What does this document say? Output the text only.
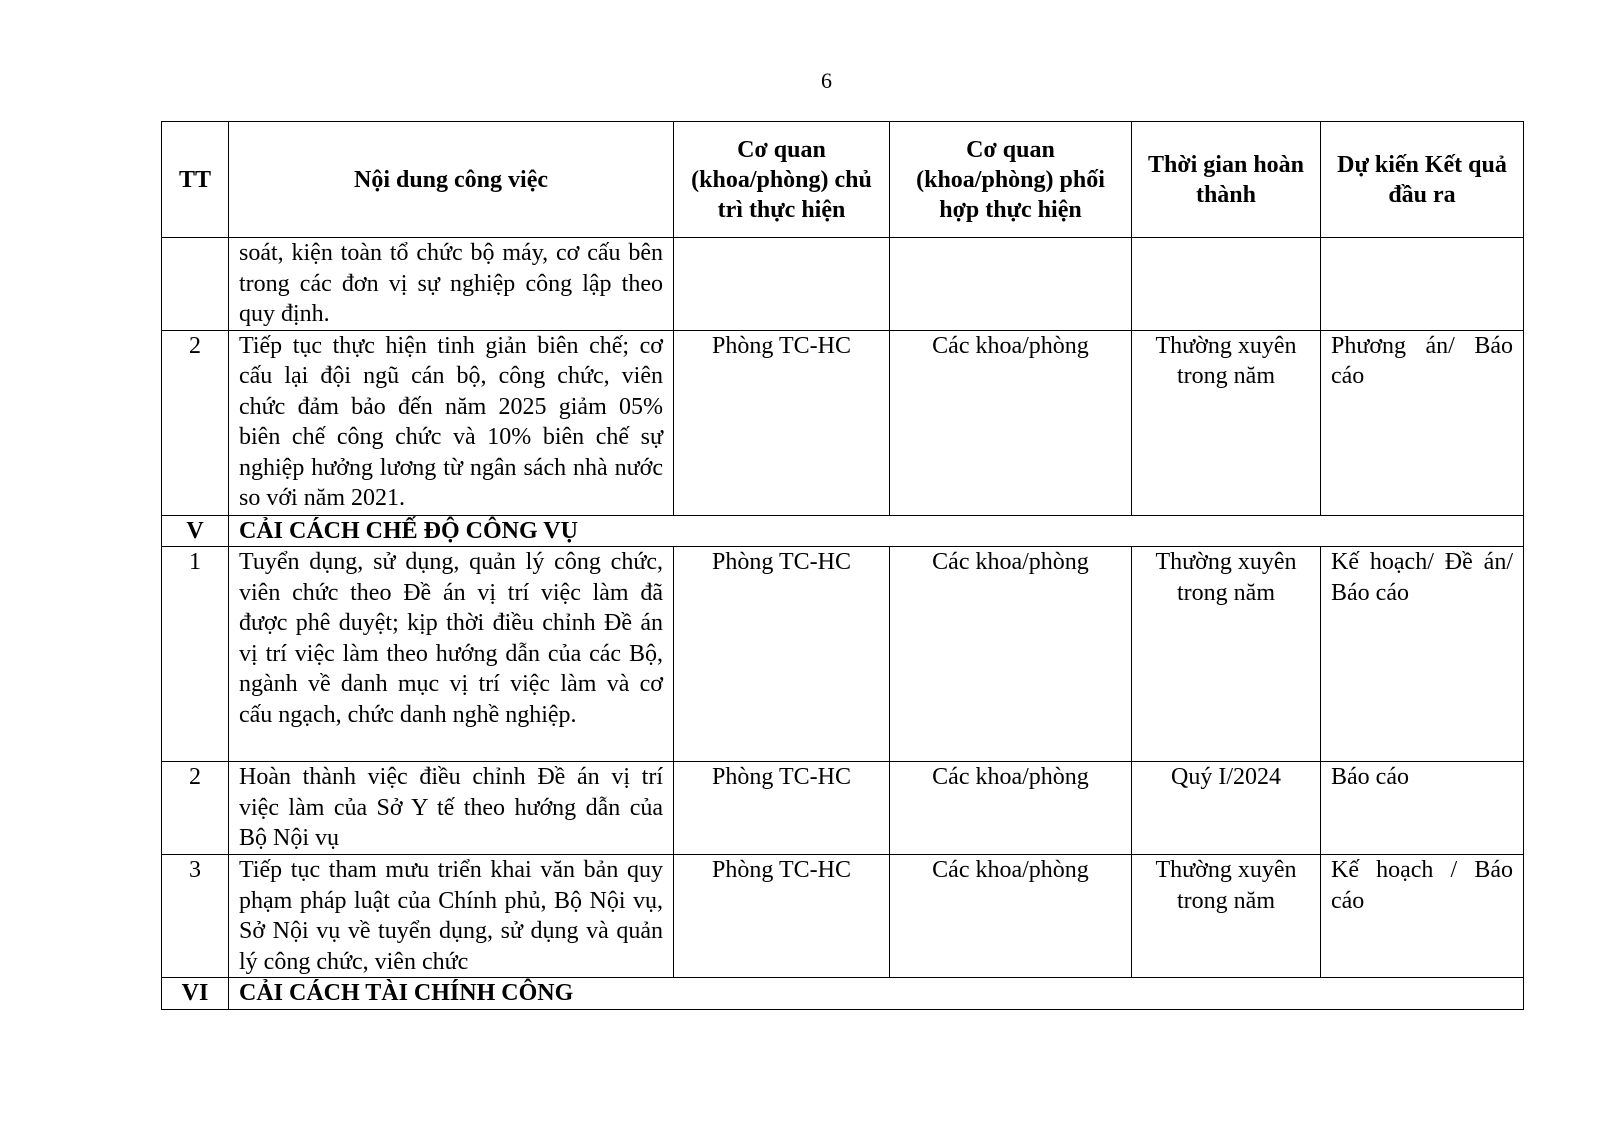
6
TT	Nội dung công việc	Cơ quan (khoa/phòng) chủ trì thực hiện	Cơ quan (khoa/phòng) phối hợp thực hiện	Thời gian hoàn thành	Dự kiến Kết quả đầu ra
	soát, kiện toàn tổ chức bộ máy, cơ cấu bên trong các đơn vị sự nghiệp công lập theo quy định.				
2	Tiếp tục thực hiện tinh giản biên chế; cơ cấu lại đội ngũ cán bộ, công chức, viên chức đảm bảo đến năm 2025 giảm 05% biên chế công chức và 10% biên chế sự nghiệp hưởng lương từ ngân sách nhà nước so với năm 2021.	Phòng TC-HC	Các khoa/phòng	Thường xuyên trong năm	Phương án/ Báo cáo
V	CẢI CÁCH CHẾ ĐỘ CÔNG VỤ				
1	Tuyển dụng, sử dụng, quản lý công chức, viên chức theo Đề án vị trí việc làm đã được phê duyệt; kịp thời điều chỉnh Đề án vị trí việc làm theo hướng dẫn của các Bộ, ngành về danh mục vị trí việc làm và cơ cấu ngạch, chức danh nghề nghiệp.	Phòng TC-HC	Các khoa/phòng	Thường xuyên trong năm	Kế hoạch/ Đề án/ Báo cáo
2	Hoàn thành việc điều chỉnh Đề án vị trí việc làm của Sở Y tế theo hướng dẫn của Bộ Nội vụ	Phòng TC-HC	Các khoa/phòng	Quý I/2024	Báo cáo
3	Tiếp tục tham mưu triển khai văn bản quy phạm pháp luật của Chính phủ, Bộ Nội vụ, Sở Nội vụ về tuyển dụng, sử dụng và quản lý công chức, viên chức	Phòng TC-HC	Các khoa/phòng	Thường xuyên trong năm	Kế hoạch / Báo cáo
VI	CẢI CÁCH TÀI CHÍNH CÔNG				
